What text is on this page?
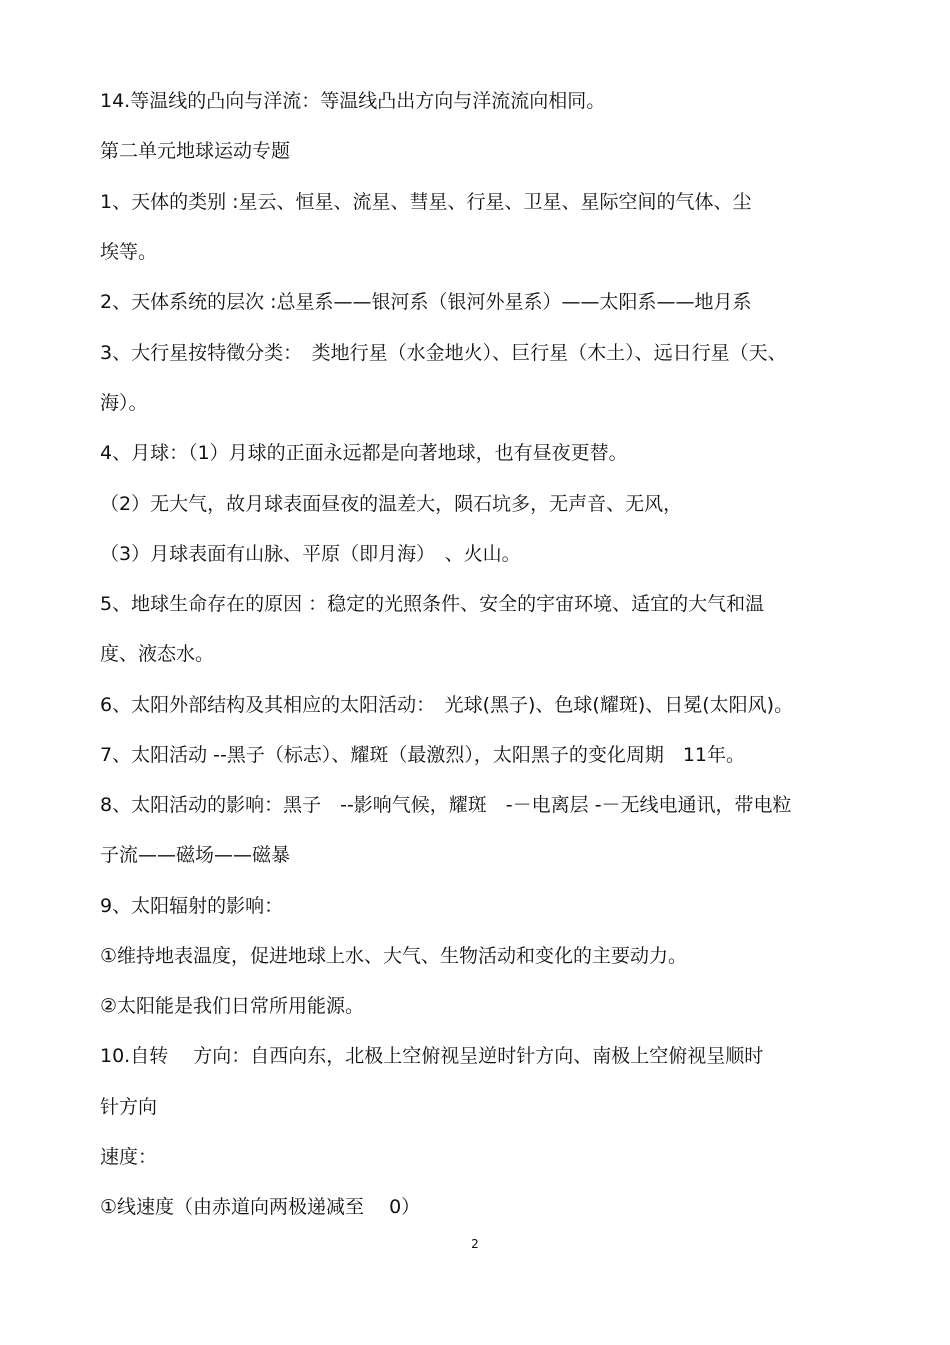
14.等温线的凸向与洋流：等温线凸出方向与洋流流向相同。
第二单元地球运动专题
1、天体的类别 :星云、恒星、流星、彗星、行星、卫星、星际空间的气体、尘
埃等。
2、天体系统的层次 :总星系——银河系（银河外星系）——太阳系——地月系
3、大行星按特徵分类：　类地行星（水金地火）、巨行星（木土）、远日行星（天、
海）。
4、月球：（1）月球的正面永远都是向著地球，也有昼夜更替。
（2）无大气，故月球表面昼夜的温差大，陨石坑多，无声音、无风，
（3）月球表面有山脉、平原（即月海）　、火山。
5、地球生命存在的原因 ：稳定的光照条件、安全的宇宙环境、适宜的大气和温
度、液态水。
6、太阳外部结构及其相应的太阳活动：　光球(黑子)、色球(耀斑)、日冕(太阳风)。
7、太阳活动 --黑子（标志）、耀斑（最激烈），太阳黑子的变化周期　11年。
8、太阳活动的影响：黑子　--影响气候，耀斑　-－电离层 -－无线电通讯，带电粒
子流——磁场——磁暴
9、太阳辐射的影响：
①维持地表温度，促进地球上水、大气、生物活动和变化的主要动力。
②太阳能是我们日常所用能源。
10.自转　 方向：自西向东，北极上空俯视呈逆时针方向、南极上空俯视呈顺时
针方向
速度：
①线速度（由赤道向两极递减至　 0）
2
